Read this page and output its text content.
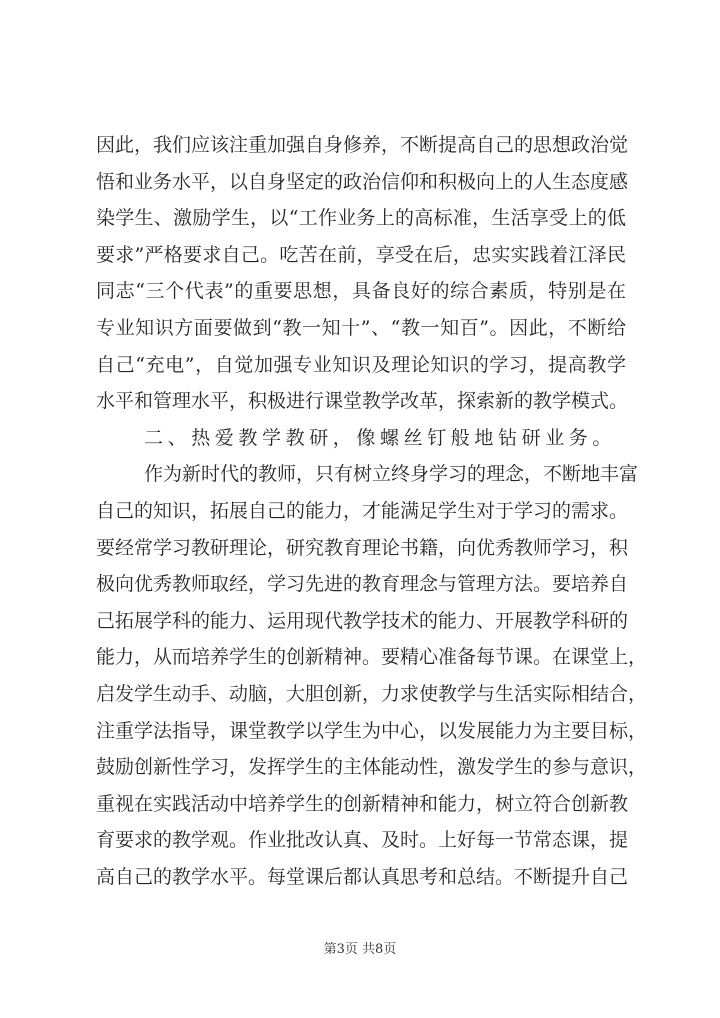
因此，我们应该注重加强自身修养，不断提高自己的思想政治觉
悟和业务水平，以自身坚定的政治信仰和积极向上的人生态度感
染学生、激励学生，以“工作业务上的高标准，生活享受上的低
要求”严格要求自己。吃苦在前，享受在后，忠实实践着江泽民
同志“三个代表”的重要思想，具备良好的综合素质，特别是在
专业知识方面要做到“教一知十”、“教一知百”。因此，不断给
自己“充电”，自觉加强专业知识及理论知识的学习，提高教学
水平和管理水平，积极进行课堂教学改革，探索新的教学模式。
二、热爱教学教研，像螺丝钉般地钻研业务。
作为新时代的教师，只有树立终身学习的理念，不断地丰富
自己的知识，拓展自己的能力，才能满足学生对于学习的需求。
要经常学习教研理论，研究教育理论书籍，向优秀教师学习，积
极向优秀教师取经，学习先进的教育理念与管理方法。要培养自
己拓展学科的能力、运用现代教学技术的能力、开展教学科研的
能力，从而培养学生的创新精神。要精心准备每节课。在课堂上，
启发学生动手、动脑，大胆创新，力求使教学与生活实际相结合，
注重学法指导，课堂教学以学生为中心，以发展能力为主要目标，
鼓励创新性学习，发挥学生的主体能动性，激发学生的参与意识，
重视在实践活动中培养学生的创新精神和能力，树立符合创新教
育要求的教学观。作业批改认真、及时。上好每一节常态课，提
高自己的教学水平。每堂课后都认真思考和总结。不断提升自己
第3页 共8页
